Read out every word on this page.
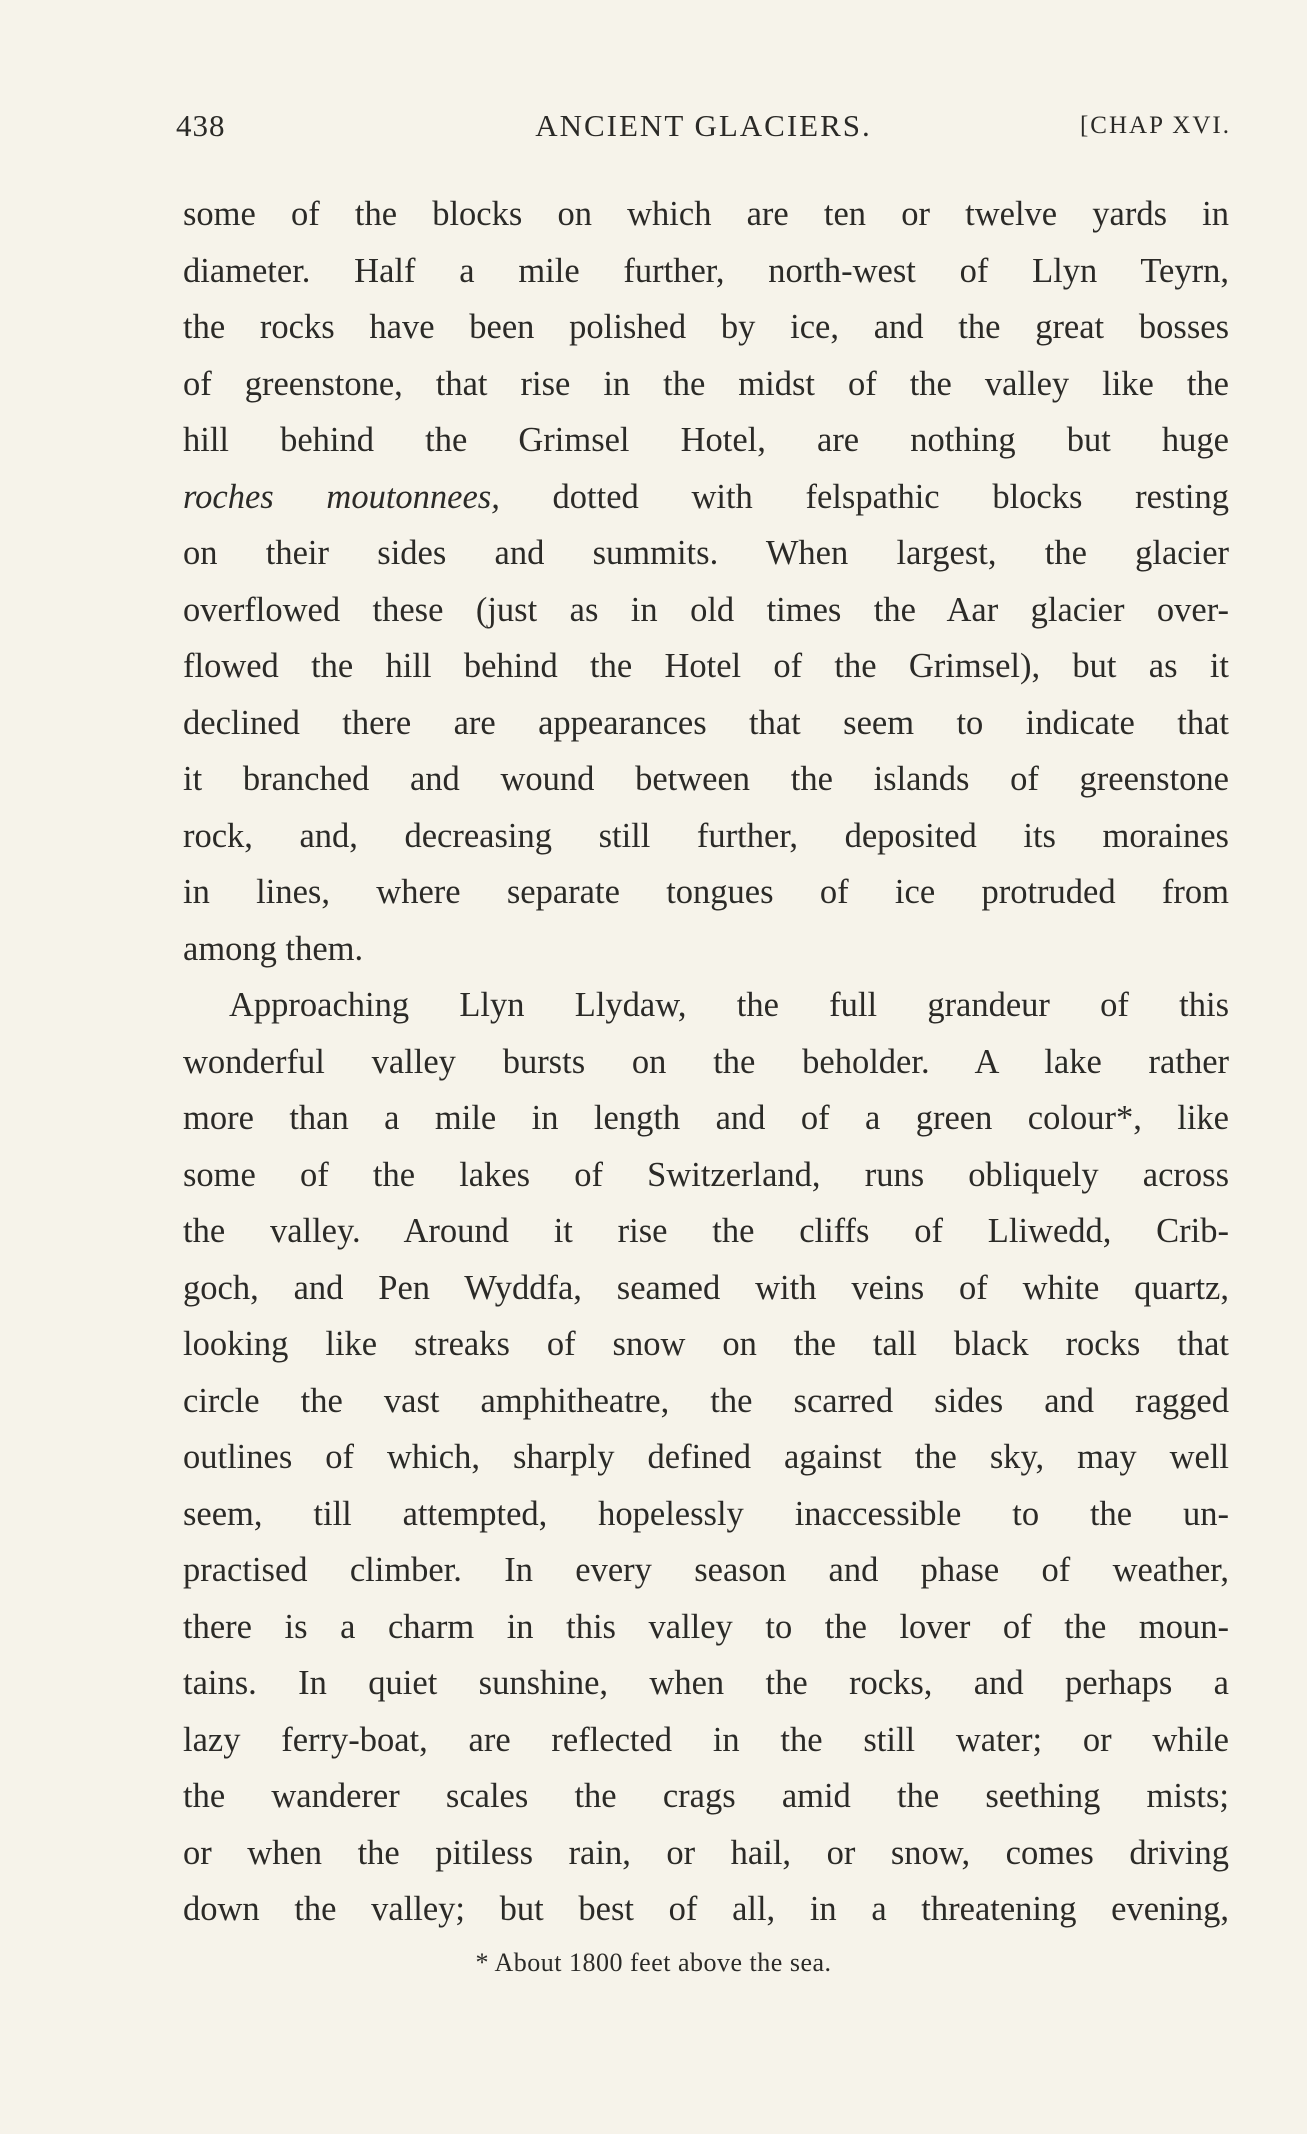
438	ANCIENT GLACIERS.	[CHAP XVI.
some of the blocks on which are ten or twelve yards in
diameter. Half a mile further, north-west of Llyn Teyrn,
the rocks have been polished by ice, and the great bosses
of greenstone, that rise in the midst of the valley like the
hill behind the Grimsel Hotel, are nothing but huge
roches moutonnees, dotted with felspathic blocks resting
on their sides and summits. When largest, the glacier
overflowed these (just as in old times the Aar glacier over-
flowed the hill behind the Hotel of the Grimsel), but as it
declined there are appearances that seem to indicate that
it branched and wound between the islands of greenstone
rock, and, decreasing still further, deposited its moraines
in lines, where separate tongues of ice protruded from
among them.
Approaching Llyn Llydaw, the full grandeur of this
wonderful valley bursts on the beholder. A lake rather
more than a mile in length and of a green colour*, like
some of the lakes of Switzerland, runs obliquely across
the valley. Around it rise the cliffs of Lliwedd, Crib-
goch, and Pen Wyddfa, seamed with veins of white quartz,
looking like streaks of snow on the tall black rocks that
circle the vast amphitheatre, the scarred sides and ragged
outlines of which, sharply defined against the sky, may well
seem, till attempted, hopelessly inaccessible to the un-
practised climber. In every season and phase of weather,
there is a charm in this valley to the lover of the moun-
tains. In quiet sunshine, when the rocks, and perhaps a
lazy ferry-boat, are reflected in the still water; or while
the wanderer scales the crags amid the seething mists;
or when the pitiless rain, or hail, or snow, comes driving
down the valley; but best of all, in a threatening evening,
* About 1800 feet above the sea.
